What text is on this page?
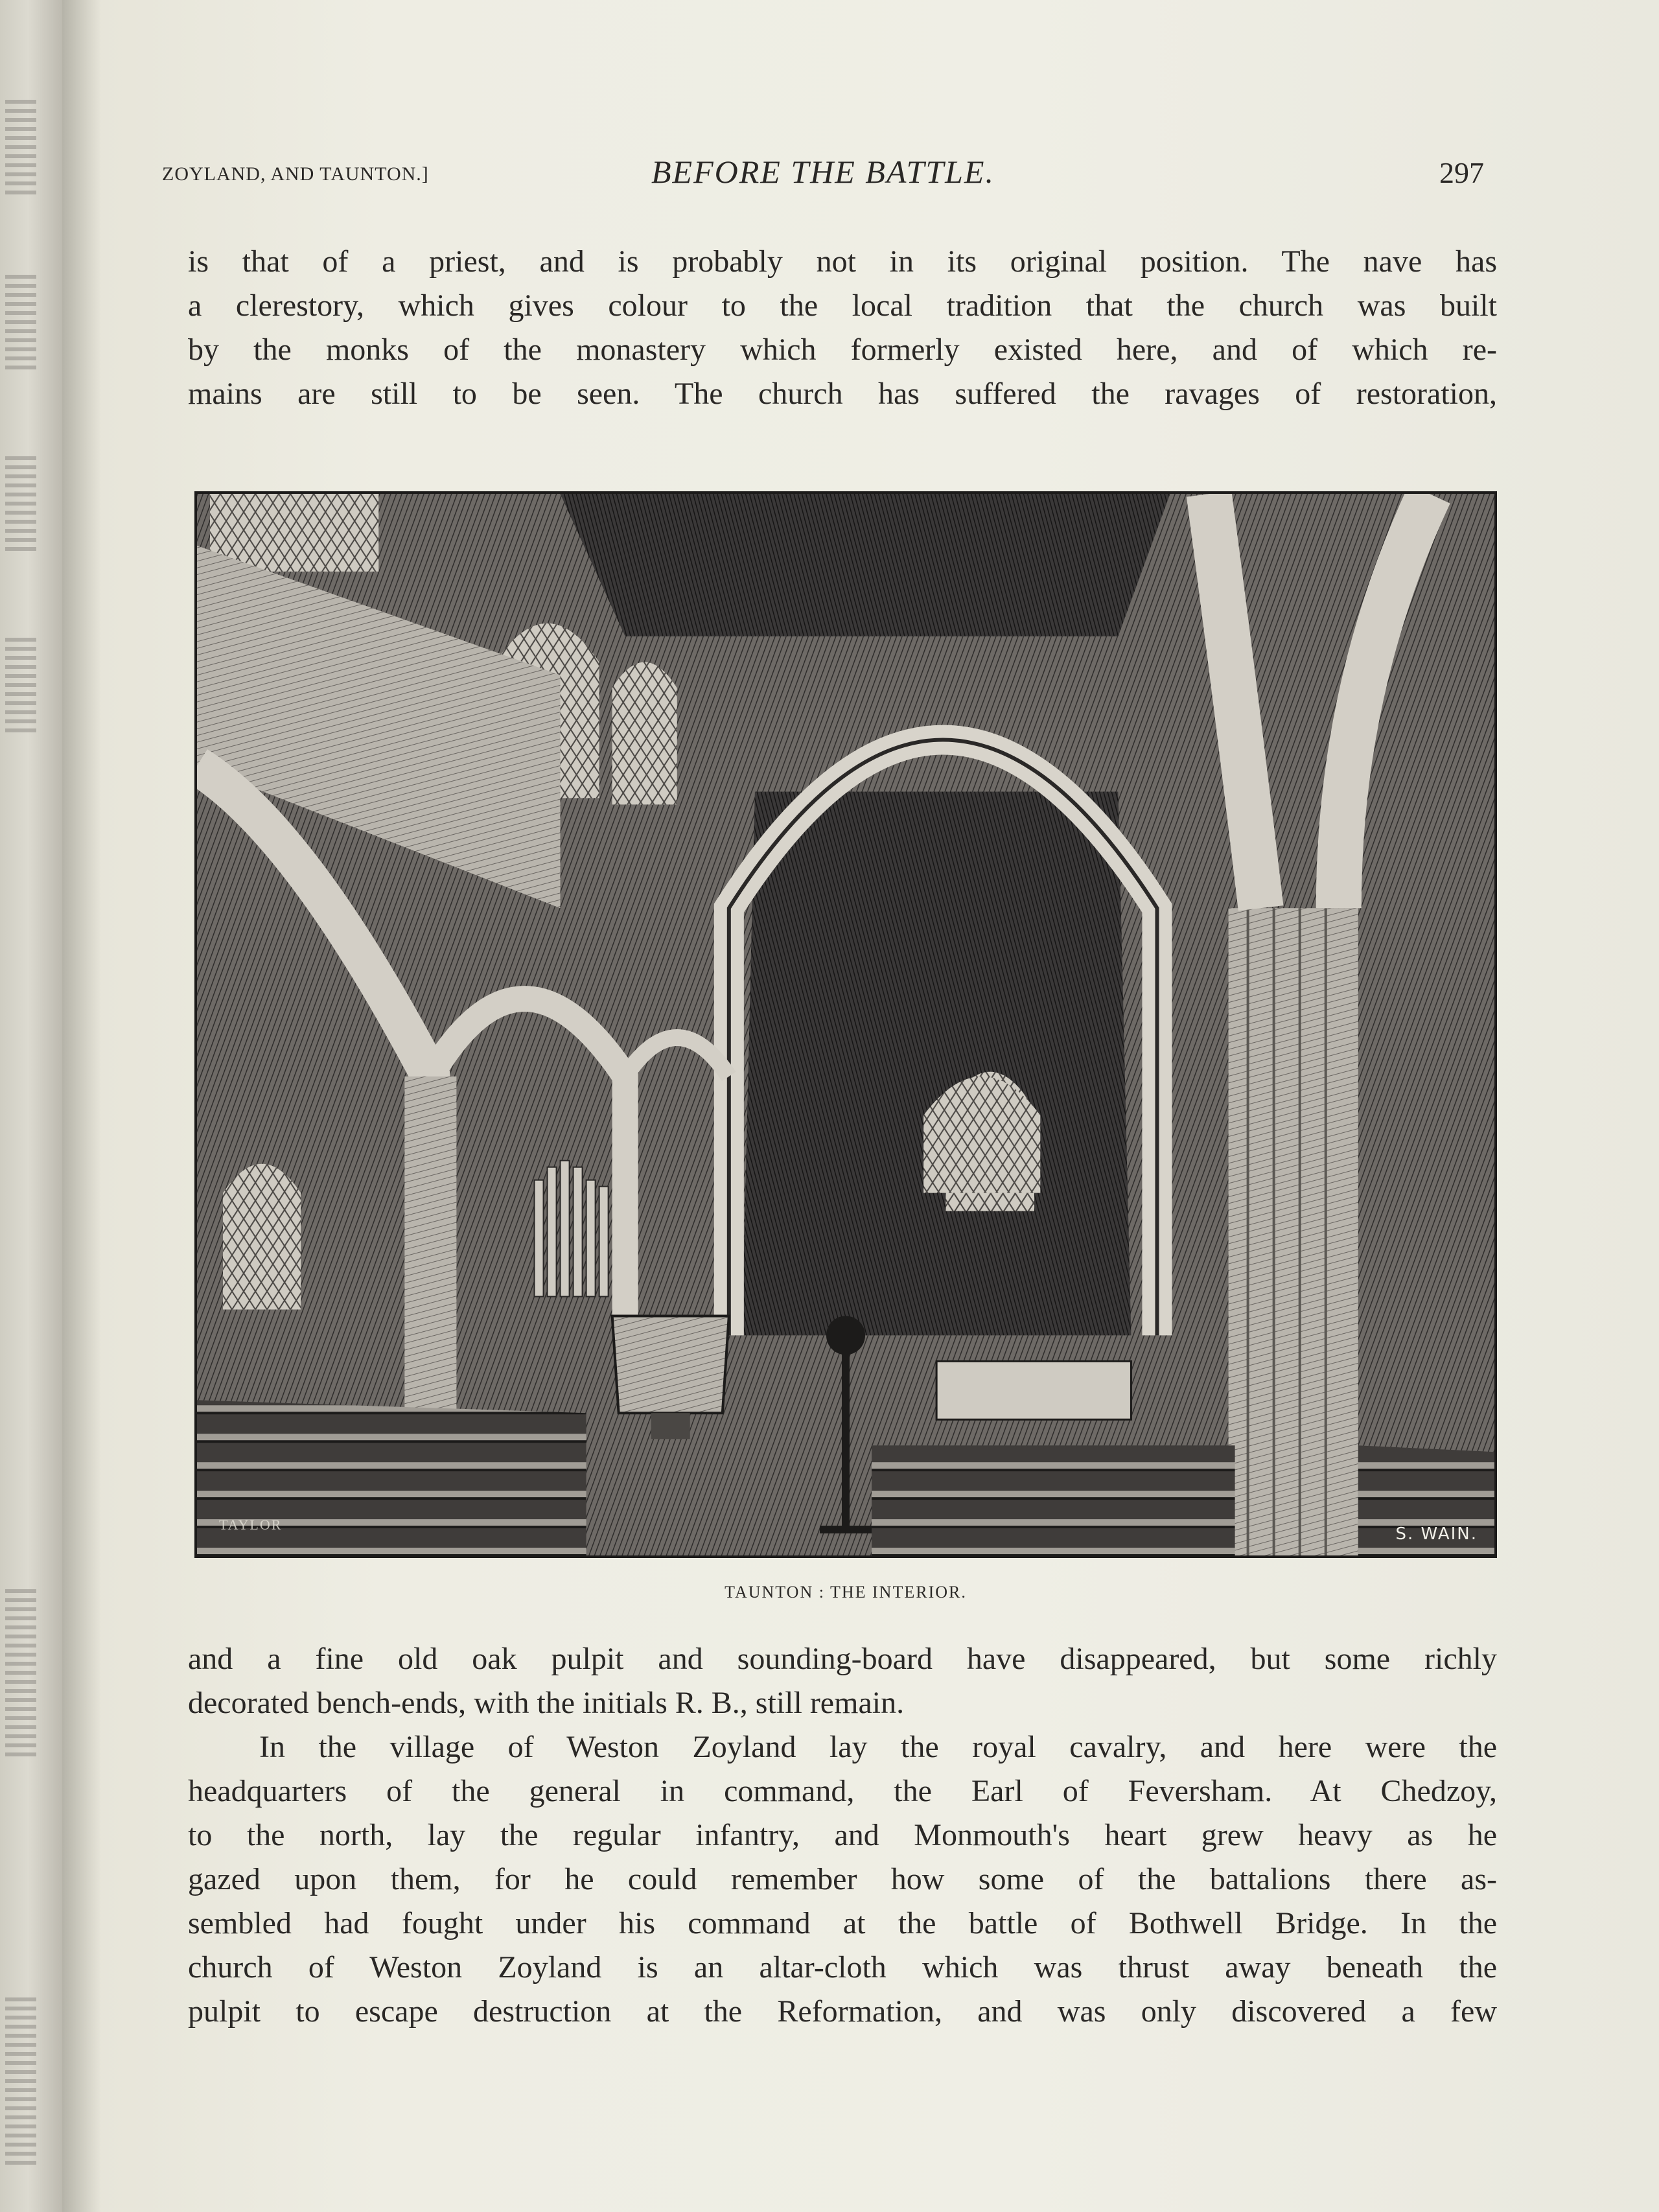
ZOYLAND, AND TAUNTON.]	BEFORE THE BATTLE.	297
is that of a priest, and is probably not in its original position. The nave has
a clerestory, which gives colour to the local tradition that the church was built
by the monks of the monastery which formerly existed here, and of which re-
mains are still to be seen. The church has suffered the ravages of restoration,
TAYLOR	S. WAIN.
TAUNTON : THE INTERIOR.
and a fine old oak pulpit and sounding-board have disappeared, but some richly
decorated bench-ends, with the initials R. B., still remain.
In the village of Weston Zoyland lay the royal cavalry, and here were the
headquarters of the general in command, the Earl of Feversham. At Chedzoy,
to the north, lay the regular infantry, and Monmouth's heart grew heavy as he
gazed upon them, for he could remember how some of the battalions there as-
sembled had fought under his command at the battle of Bothwell Bridge. In the
church of Weston Zoyland is an altar-cloth which was thrust away beneath the
pulpit to escape destruction at the Reformation, and was only discovered a few
